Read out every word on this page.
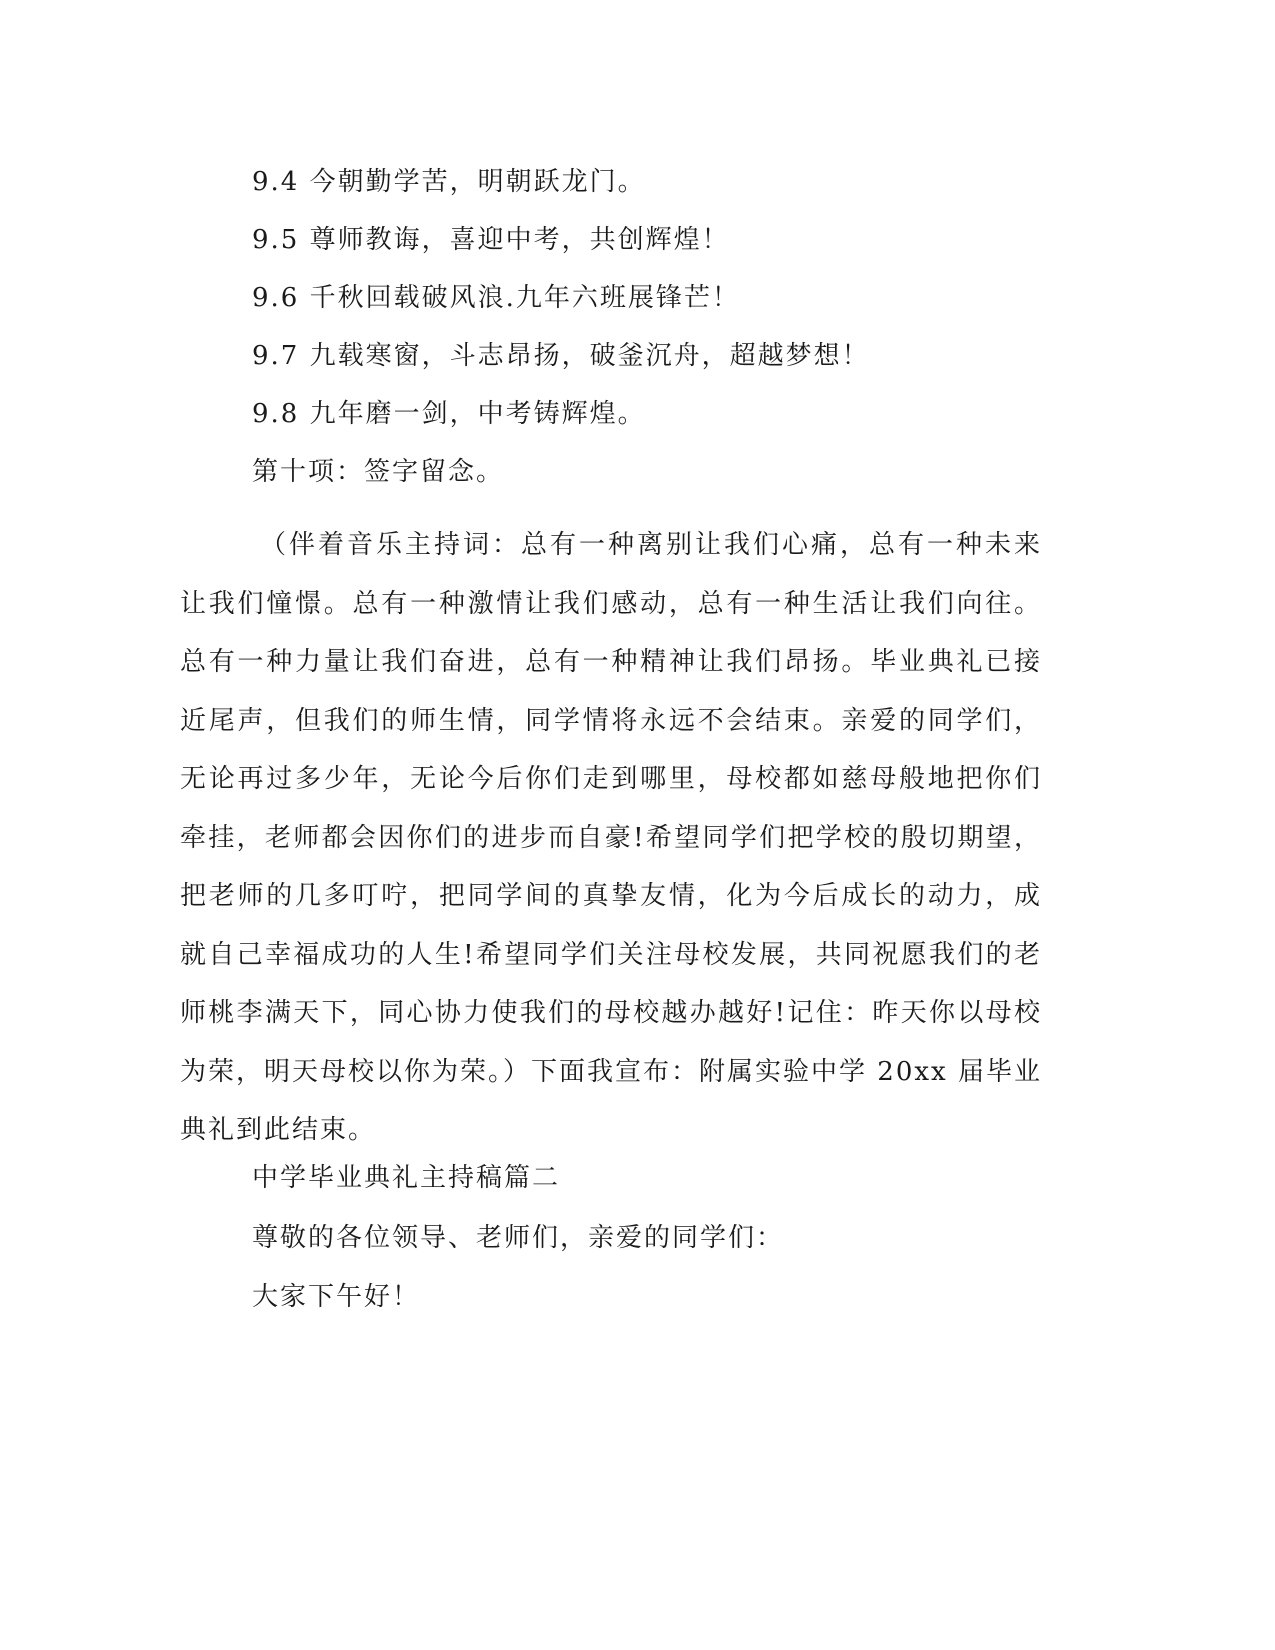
9.4 今朝勤学苦，明朝跃龙门。
9.5 尊师教诲，喜迎中考，共创辉煌！
9.6 千秋回载破风浪.九年六班展锋芒！
9.7 九载寒窗，斗志昂扬，破釜沉舟，超越梦想！
9.8 九年磨一剑，中考铸辉煌。
第十项：签字留念。

（伴着音乐主持词：总有一种离别让我们心痛，总有一种未来让我们憧憬。总有一种激情让我们感动，总有一种生活让我们向往。总有一种力量让我们奋进，总有一种精神让我们昂扬。毕业典礼已接近尾声，但我们的师生情，同学情将永远不会结束。亲爱的同学们，无论再过多少年，无论今后你们走到哪里，母校都如慈母般地把你们牵挂，老师都会因你们的进步而自豪!希望同学们把学校的殷切期望，把老师的几多叮咛，把同学间的真挚友情，化为今后成长的动力，成就自己幸福成功的人生!希望同学们关注母校发展，共同祝愿我们的老师桃李满天下，同心协力使我们的母校越办越好!记住：昨天你以母校为荣，明天母校以你为荣。）下面我宣布：附属实验中学 20xx 届毕业典礼到此结束。

中学毕业典礼主持稿篇二
尊敬的各位领导、老师们，亲爱的同学们：
大家下午好！
